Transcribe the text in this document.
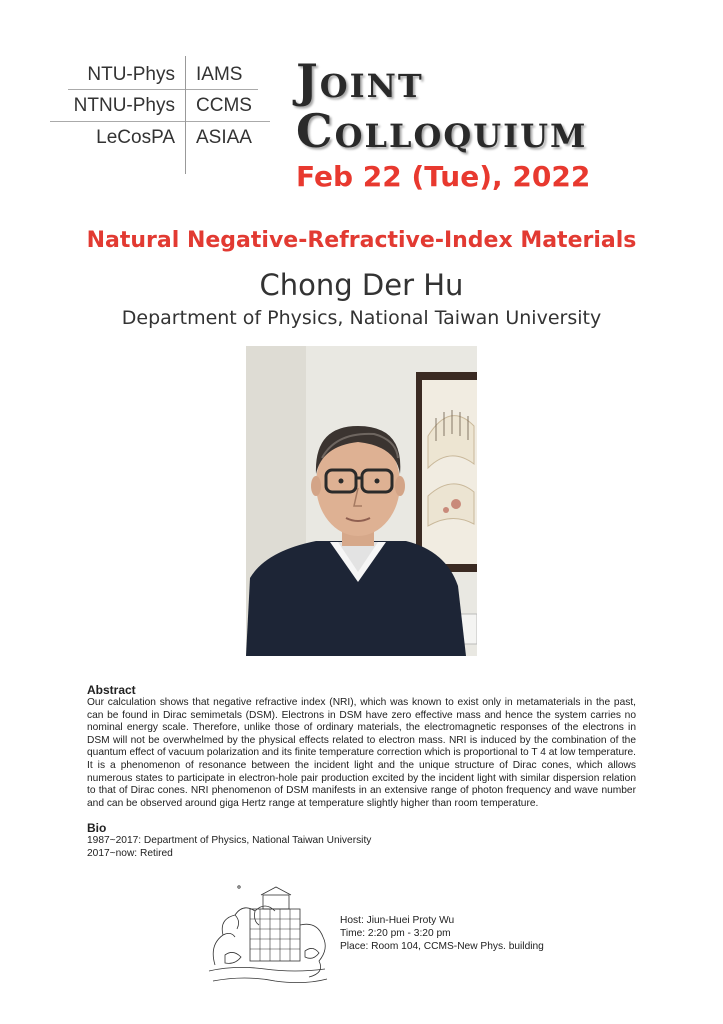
NTU-Phys IAMS
NTNU-Phys CCMS
LeCosPA ASIAA
Joint
Colloquium
Feb 22 (Tue), 2022
Natural Negative-Refractive-Index Materials
Chong Der Hu
Department of Physics, National Taiwan University
Abstract
Our calculation shows that negative refractive index (NRI), which was known to exist only in metamaterials in the past, can be found in Dirac semimetals (DSM). Electrons in DSM have zero effective mass and hence the system carries no nominal energy scale. Therefore, unlike those of ordinary materials, the electromagnetic responses of the electrons in DSM will not be overwhelmed by the physical effects related to electron mass. NRI is induced by the combination of the quantum effect of vacuum polarization and its finite temperature correction which is proportional to T 4 at low temperature. It is a phenomenon of resonance between the incident light and the unique structure of Dirac cones, which allows numerous states to participate in electron-hole pair production excited by the incident light with similar dispersion relation to that of Dirac cones. NRI phenomenon of DSM manifests in an extensive range of photon frequency and wave number and can be observed around giga Hertz range at temperature slightly higher than room temperature.
Bio
1987~2017: Department of Physics, National Taiwan University
2017~now: Retired
Host: Jiun-Huei Proty Wu
Time: 2:20 pm - 3:20 pm
Place: Room 104, CCMS-New Phys. building
